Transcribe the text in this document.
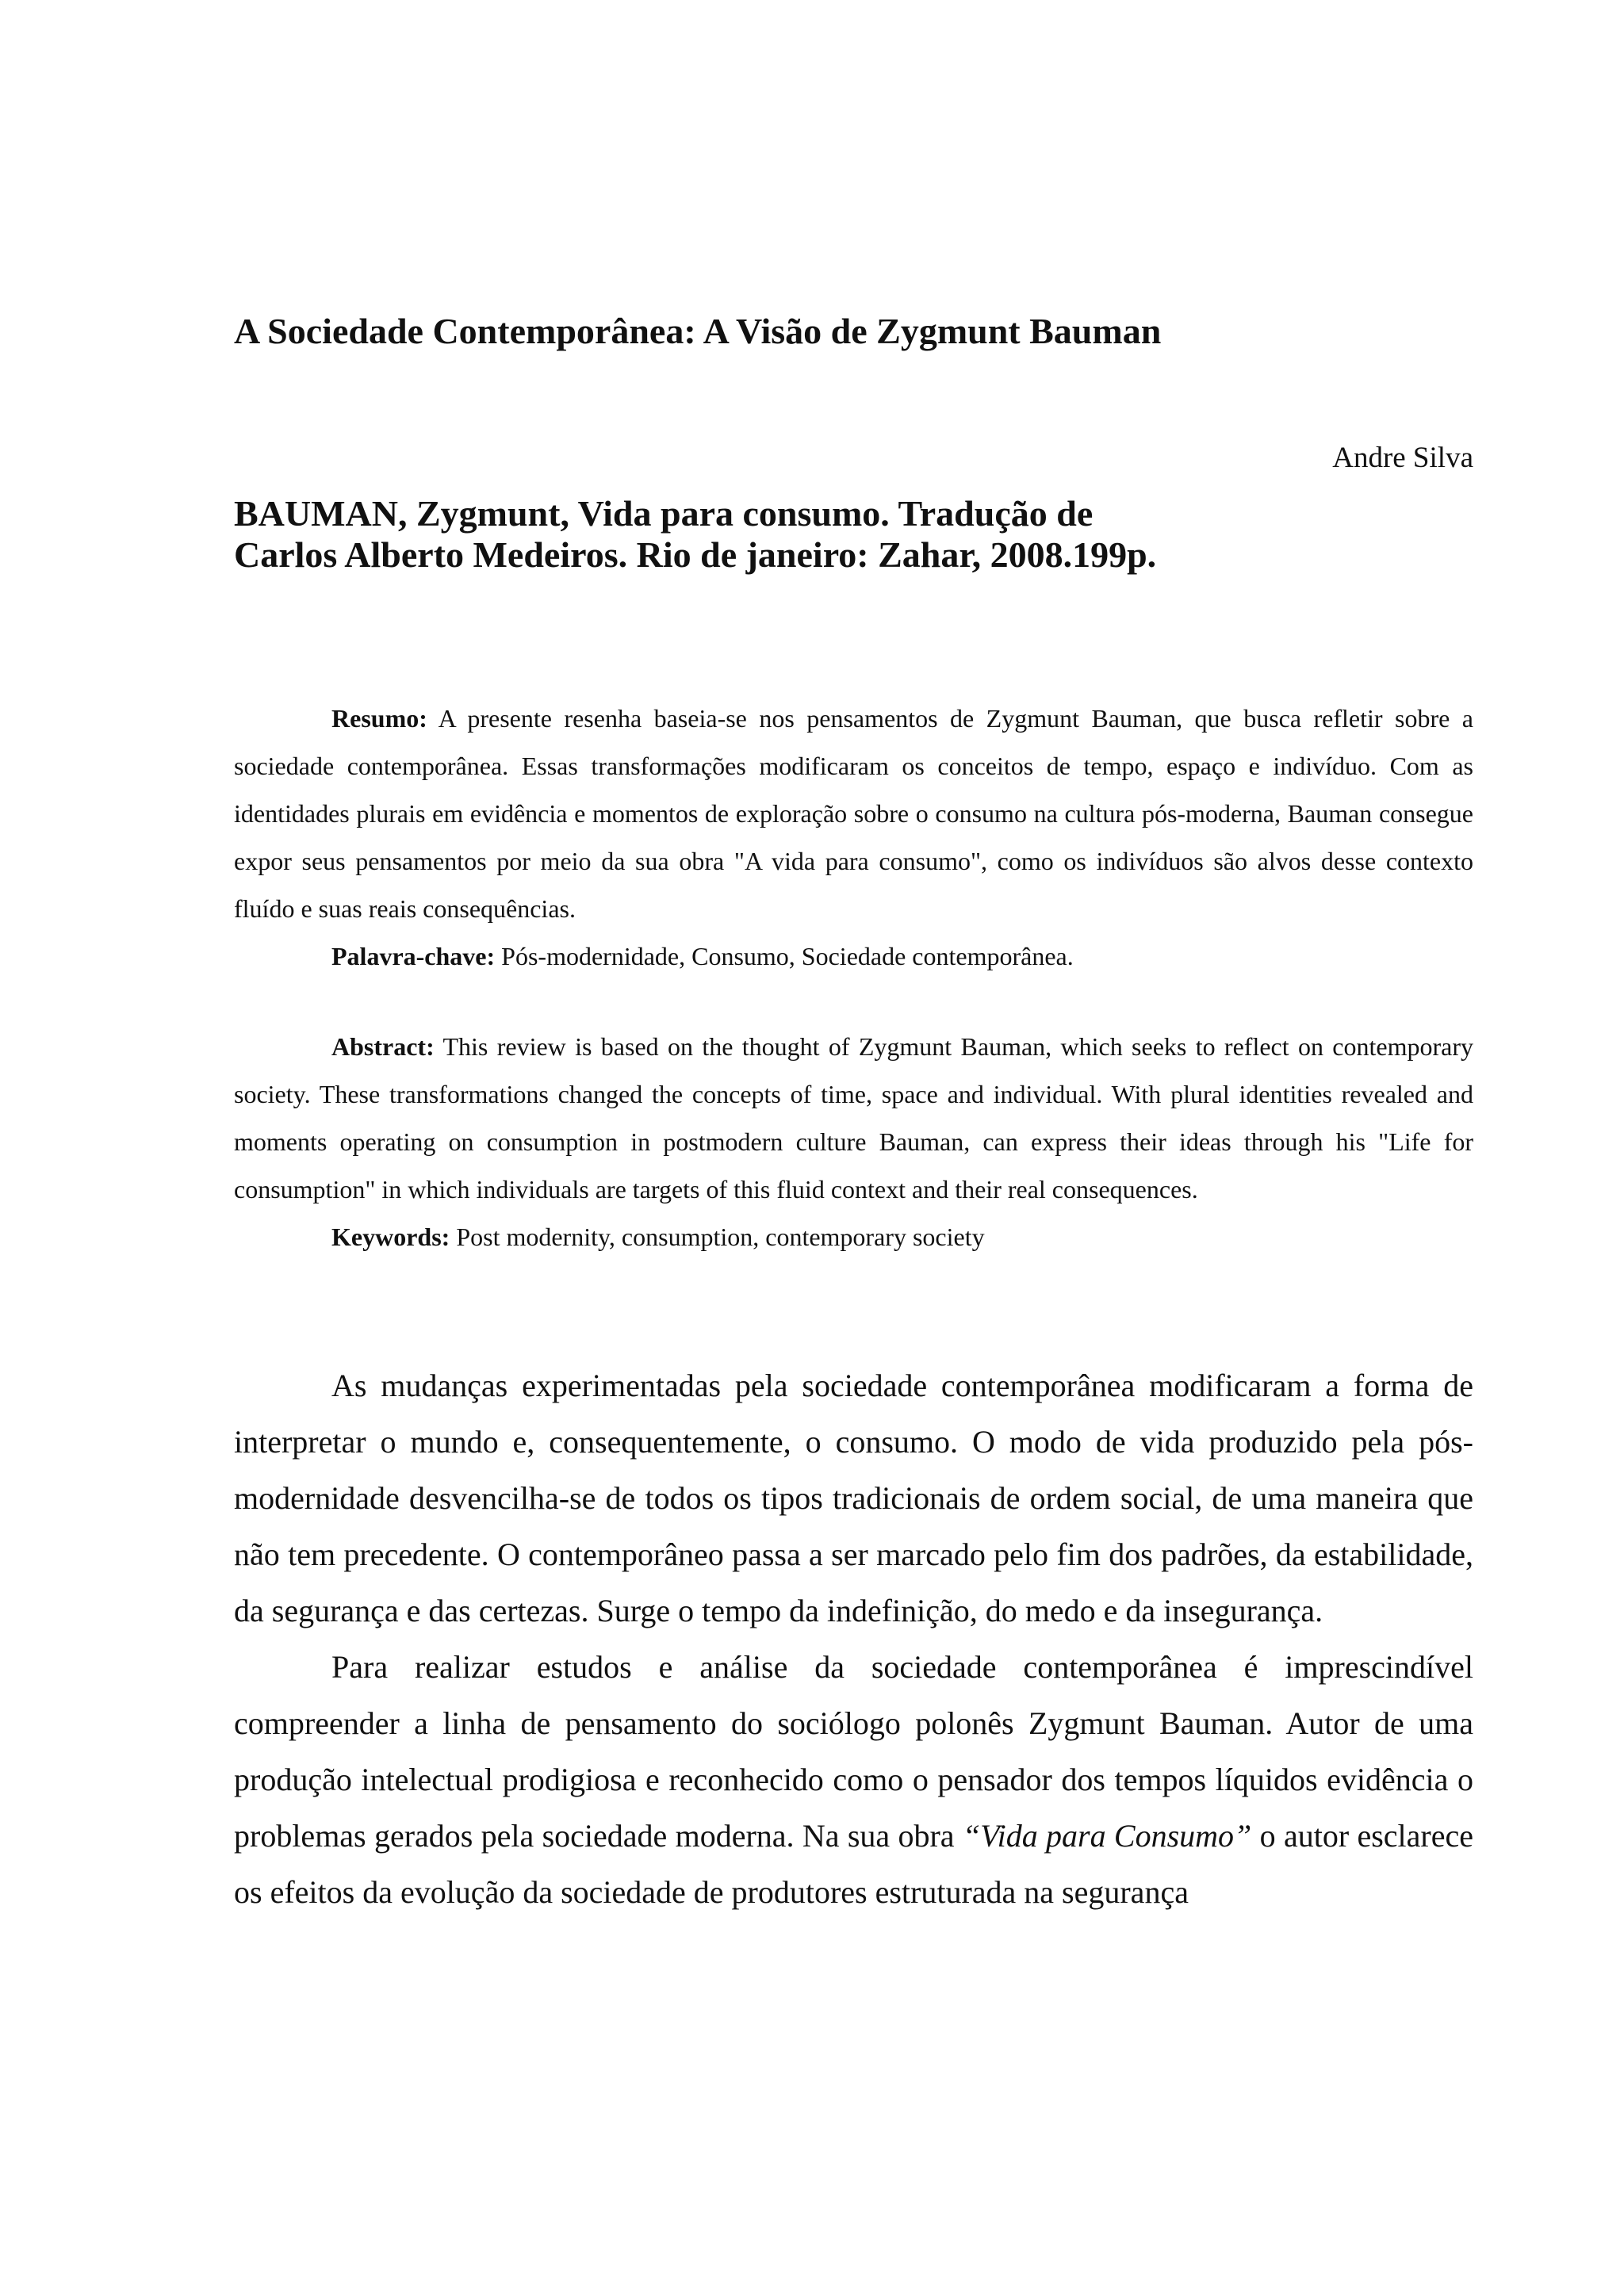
A Sociedade Contemporânea: A Visão de Zygmunt Bauman
Andre Silva
BAUMAN, Zygmunt, Vida para consumo. Tradução de Carlos Alberto Medeiros. Rio de janeiro: Zahar, 2008.199p.

Resumo: A presente resenha baseia-se nos pensamentos de Zygmunt Bauman, que busca refletir sobre a sociedade contemporânea. Essas transformações modificaram os conceitos de tempo, espaço e indivíduo. Com as identidades plurais em evidência e momentos de exploração sobre o consumo na cultura pós-moderna, Bauman consegue expor seus pensamentos por meio da sua obra "A vida para consumo", como os indivíduos são alvos desse contexto fluído e suas reais consequências.

Palavra-chave: Pós-modernidade, Consumo, Sociedade contemporânea.

Abstract: This review is based on the thought of Zygmunt Bauman, which seeks to reflect on contemporary society. These transformations changed the concepts of time, space and individual. With plural identities revealed and moments operating on consumption in postmodern culture Bauman, can express their ideas through his "Life for consumption" in which individuals are targets of this fluid context and their real consequences.

Keywords: Post modernity, consumption, contemporary society

As mudanças experimentadas pela sociedade contemporânea modificaram a forma de interpretar o mundo e, consequentemente, o consumo. O modo de vida produzido pela pós-modernidade desvencilha-se de todos os tipos tradicionais de ordem social, de uma maneira que não tem precedente. O contemporâneo passa a ser marcado pelo fim dos padrões, da estabilidade, da segurança e das certezas. Surge o tempo da indefinição, do medo e da insegurança.

Para realizar estudos e análise da sociedade contemporânea é imprescindível compreender a linha de pensamento do sociólogo polonês Zygmunt Bauman. Autor de uma produção intelectual prodigiosa e reconhecido como o pensador dos tempos líquidos evidência o problemas gerados pela sociedade moderna. Na sua obra “Vida para Consumo” o autor esclarece os efeitos da evolução da sociedade de produtores estruturada na segurança
